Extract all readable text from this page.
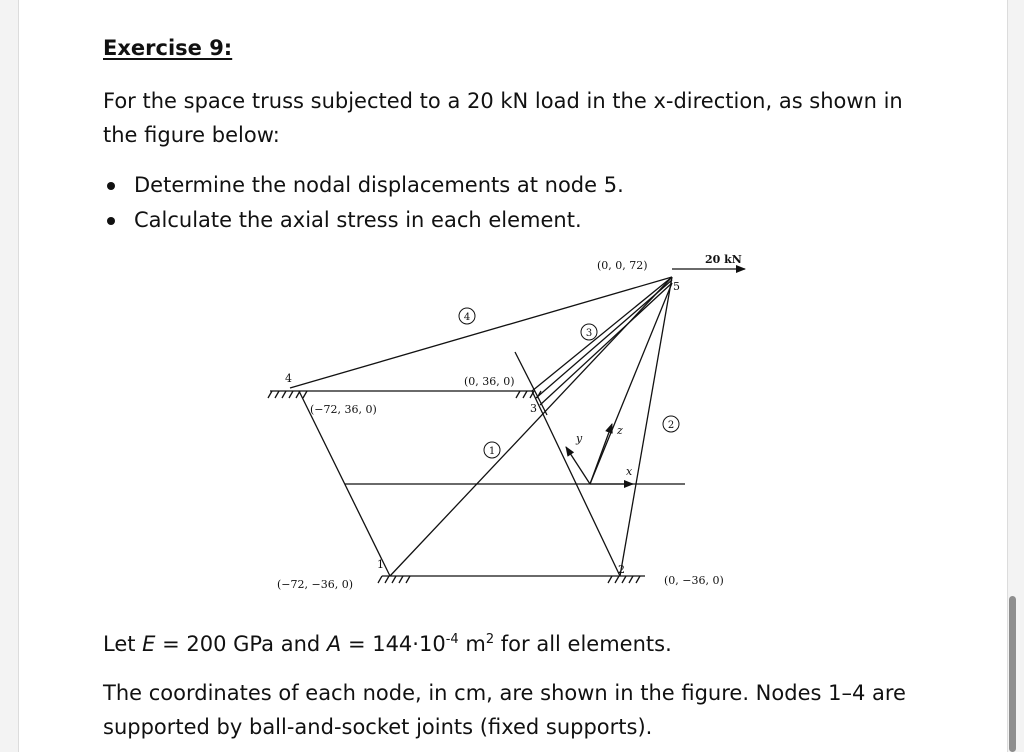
Exercise 9:
For the space truss subjected to a 20 kN load in the x-direction, as shown in the figure below:
Determine the nodal displacements at node 5.
Calculate the axial stress in each element.
4
3
1
2
(0, 0, 72)	20 kN
5
(0, 36, 0)
4
(−72, 36, 0)	3
1
(−72, −36, 0)
2
(0, −36, 0)
x
y
z
Let E = 200 GPa and $A = 144\cdot 10^{-4}$ $m^2$ for all elements.
The coordinates of each node, in cm, are shown in the figure. Nodes 1–4 are supported by ball-and-socket joints (fixed supports).
